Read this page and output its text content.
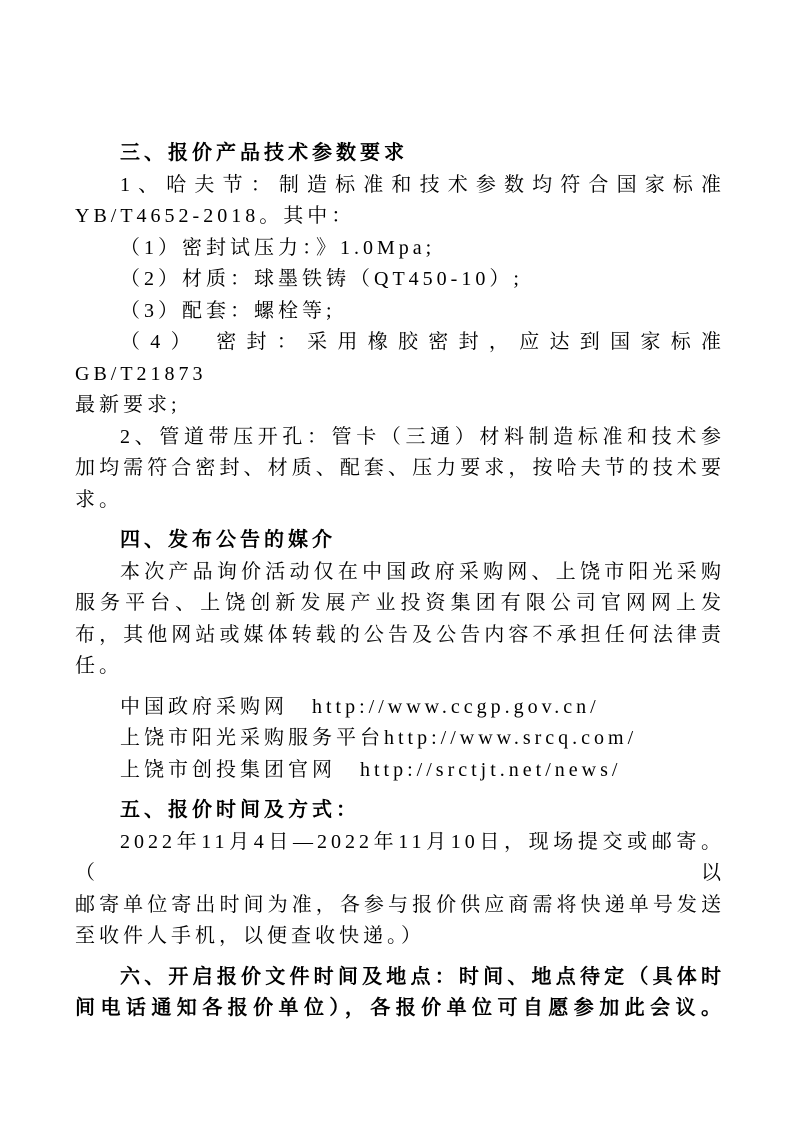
三、报价产品技术参数要求
1、哈夫节：制造标准和技术参数均符合国家标准
YB/T4652-2018。其中：
（1）密封试压力：》1.0Mpa;
（2）材质：球墨铁铸（QT450-10）;
（3）配套：螺栓等;
（4） 密封：采用橡胶密封，应达到国家标准GB/T21873
最新要求;
2、管道带压开孔：管卡（三通）材料制造标准和技术参
加均需符合密封、材质、配套、压力要求，按哈夫节的技术要
求。
四、发布公告的媒介
本次产品询价活动仅在中国政府采购网、上饶市阳光采购
服务平台、上饶创新发展产业投资集团有限公司官网网上发
布，其他网站或媒体转载的公告及公告内容不承担任何法律责
任。
中国政府采购网　http://www.ccgp.gov.cn/
上饶市阳光采购服务平台http://www.srcq.com/
上饶市创投集团官网　http://srctjt.net/news/
五、报价时间及方式：
2022年11月4日—2022年11月10日，现场提交或邮寄。（以
邮寄单位寄出时间为准，各参与报价供应商需将快递单号发送
至收件人手机，以便查收快递。）
六、开启报价文件时间及地点：时间、地点待定（具体时
间电话通知各报价单位），各报价单位可自愿参加此会议。
